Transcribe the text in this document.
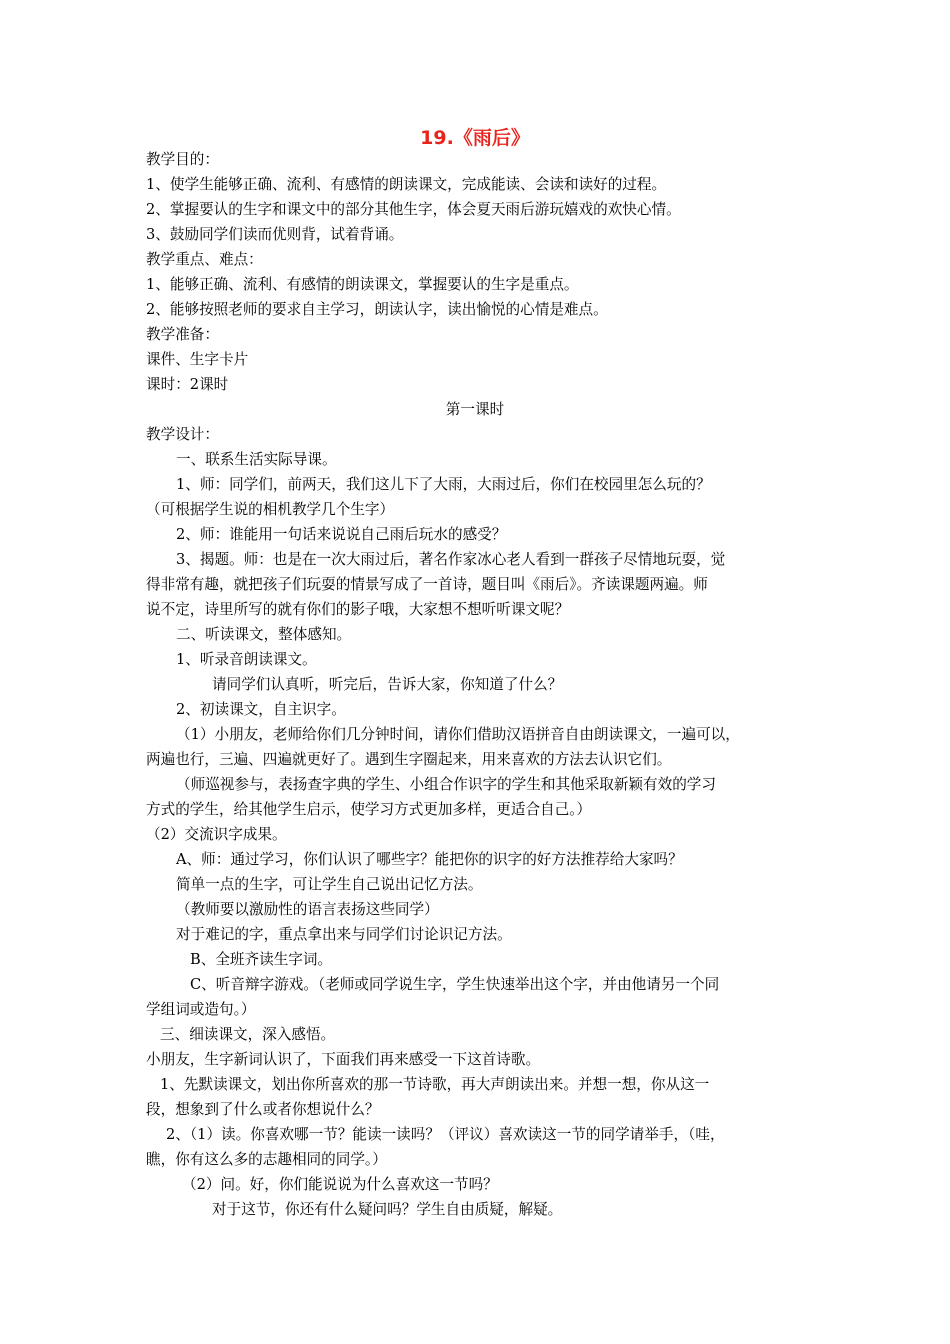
19.《雨后》
教学目的：
1、使学生能够正确、流利、有感情的朗读课文，完成能读、会读和读好的过程。
2、掌握要认的生字和课文中的部分其他生字，体会夏天雨后游玩嬉戏的欢快心情。
3、鼓励同学们读而优则背，试着背诵。
教学重点、难点：
1、能够正确、流利、有感情的朗读课文，掌握要认的生字是重点。
2、能够按照老师的要求自主学习，朗读认字，读出愉悦的心情是难点。
教学准备：
课件、生字卡片
课时：2课时
第一课时
教学设计：
一、联系生活实际导课。
1、师：同学们，前两天，我们这儿下了大雨，大雨过后，你们在校园里怎么玩的？
（可根据学生说的相机教学几个生字）
2、师：谁能用一句话来说说自己雨后玩水的感受？
3、揭题。师：也是在一次大雨过后，著名作家冰心老人看到一群孩子尽情地玩耍，觉
得非常有趣，就把孩子们玩耍的情景写成了一首诗，题目叫《雨后》。齐读课题两遍。师
说不定，诗里所写的就有你们的影子哦，大家想不想听听课文呢？
二、听读课文，整体感知。
1、听录音朗读课文。
请同学们认真听，听完后，告诉大家，你知道了什么？
2、初读课文，自主识字。
（1）小朋友，老师给你们几分钟时间，请你们借助汉语拼音自由朗读课文，一遍可以，
两遍也行，三遍、四遍就更好了。遇到生字圈起来，用来喜欢的方法去认识它们。
（师巡视参与，表扬查字典的学生、小组合作识字的学生和其他采取新颖有效的学习
方式的学生，给其他学生启示，使学习方式更加多样，更适合自己。）
（2）交流识字成果。
A、师：通过学习，你们认识了哪些字？能把你的识字的好方法推荐给大家吗？
简单一点的生字，可让学生自己说出记忆方法。
（教师要以激励性的语言表扬这些同学）
对于难记的字，重点拿出来与同学们讨论识记方法。
B、全班齐读生字词。
C、听音辩字游戏。（老师或同学说生字，学生快速举出这个字，并由他请另一个同
学组词或造句。）
三、细读课文，深入感悟。
小朋友，生字新词认识了，下面我们再来感受一下这首诗歌。
1、先默读课文，划出你所喜欢的那一节诗歌，再大声朗读出来。并想一想，你从这一
段，想象到了什么或者你想说什么？
2、（1）读。你喜欢哪一节？能读一读吗？（评议）喜欢读这一节的同学请举手，（哇，
瞧，你有这么多的志趣相同的同学。）
（2）问。好，你们能说说为什么喜欢这一节吗？
对于这节，你还有什么疑问吗？学生自由质疑，解疑。
